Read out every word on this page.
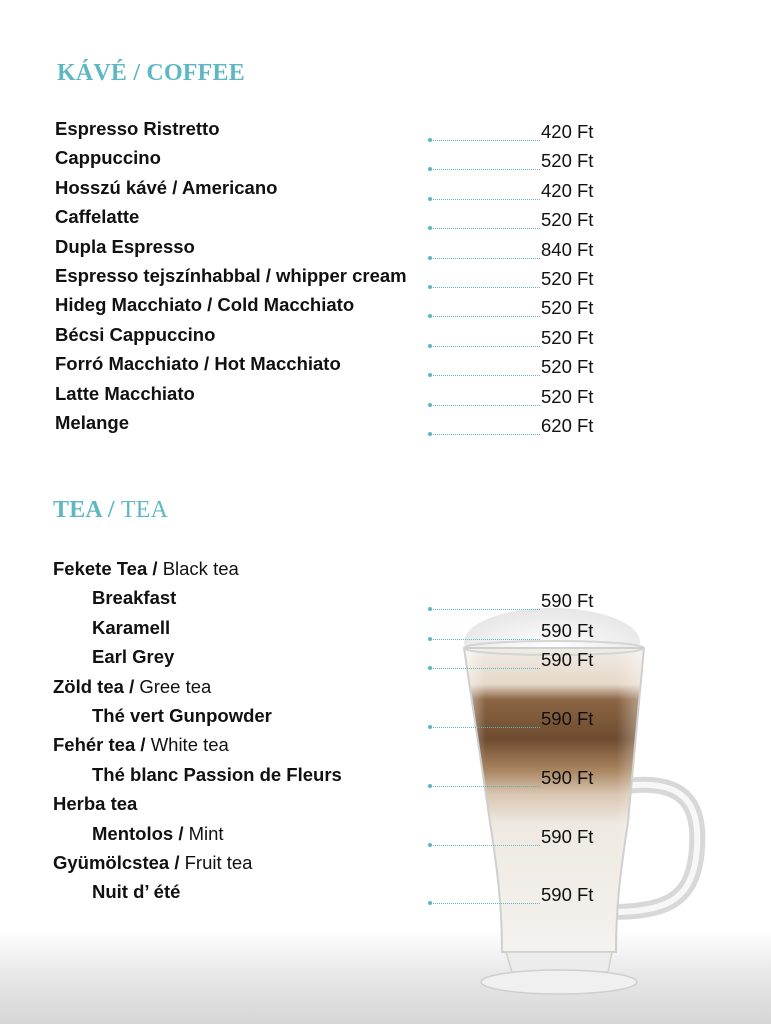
KÁVÉ / COFFEE
Espresso Ristretto	420 Ft
Cappuccino	520 Ft
Hosszú kávé / Americano	420 Ft
Caffelatte	520 Ft
Dupla Espresso	840 Ft
Espresso tejszínhabbal / whipper cream	520 Ft
Hideg Macchiato / Cold Macchiato	520 Ft
Bécsi Cappuccino	520 Ft
Forró Macchiato / Hot Macchiato	520 Ft
Latte Macchiato	520 Ft
Melange	620 Ft
TEA / TEA
Fekete Tea / Black tea
Breakfast	590 Ft
Karamell	590 Ft
Earl Grey	590 Ft
Zöld tea / Gree tea
Thé vert Gunpowder	590 Ft
Fehér tea / White tea
Thé blanc Passion de Fleurs	590 Ft
Herba tea
Mentolos / Mint	590 Ft
Gyümölcstea / Fruit tea
Nuit d’ été	590 Ft
